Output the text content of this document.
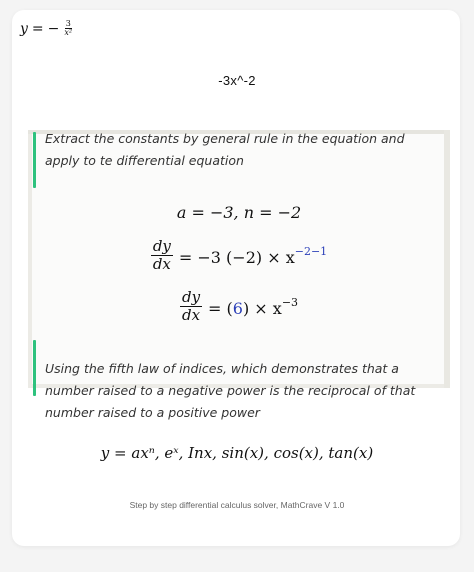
y = − $\frac{3}{\text{x²}}$
-3x^-2
Extract the constants by general rule in the equation and apply to te differential equation
a = −3, n = −2
$\frac{dy}{dx} = -3$ $(-2) \times x^{-2-1}$
$\frac{dy}{dx} = (6) \times x^{-3}$
Using the fifth law of indices, which demonstrates that a number raised to a negative power is the reciprocal of that number raised to a positive power
y = axⁿ, eˣ, Inx, sin(x), cos(x), tan(x)
Step by step differential calculus solver, MathCrave V 1.0
